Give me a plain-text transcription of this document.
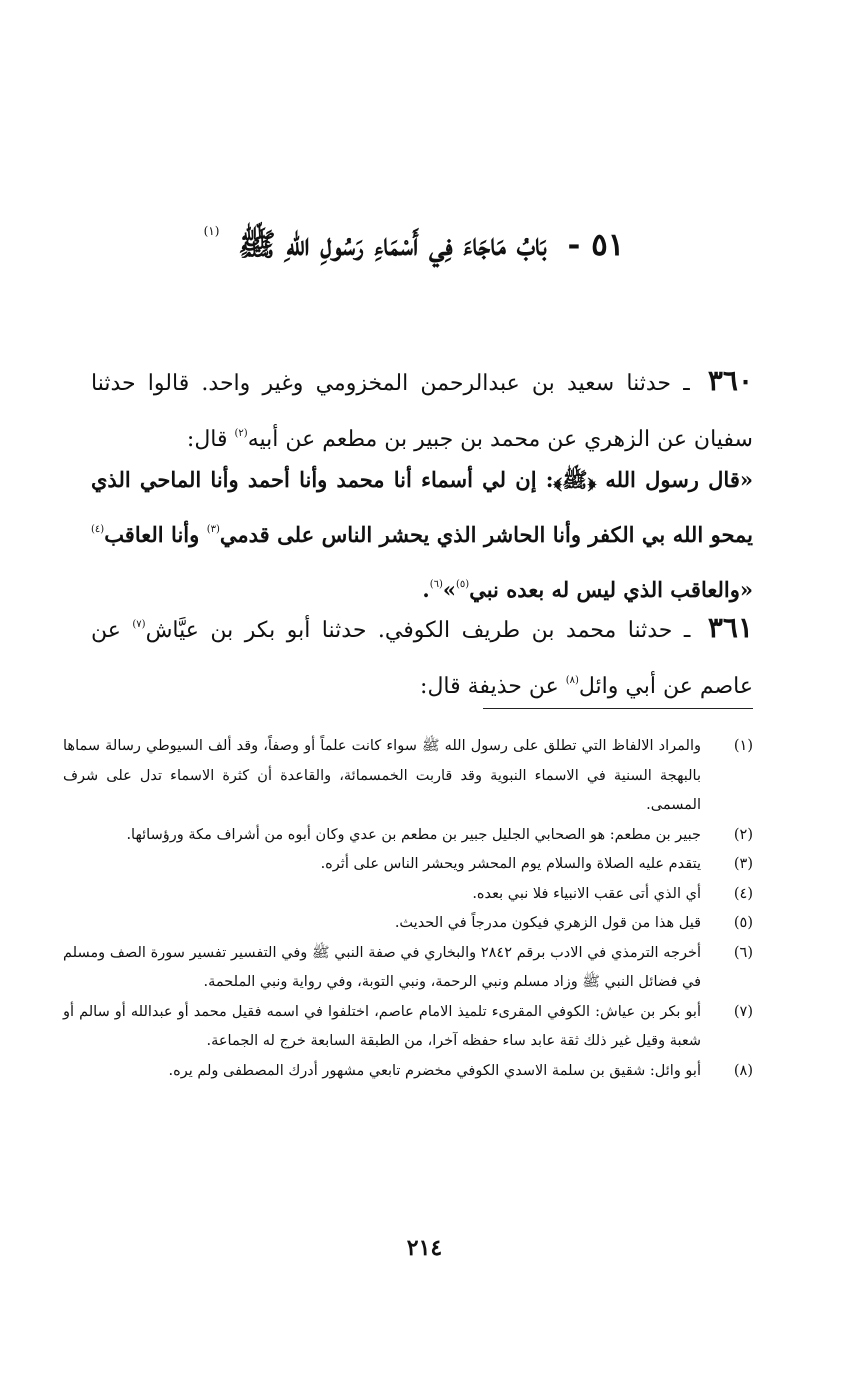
٥١ - بَابُ مَاجَاءَ فِي أَسْمَاءِ رَسُولِ اللهِ ﷺ $^{(١)}$
٣٦٠ ـ حدثنا سعيد بن عبدالرحمن المخزومي وغير واحد. قالوا حدثنا سفيان عن الزهري عن محمد بن جبير بن مطعم عن أبيه$^{(٢)}$ قال:
«قال رسول الله ﴿ﷺ﴾: إن لي أسماء أنا محمد وأنا أحمد وأنا الماحي الذي يمحو الله بي الكفر وأنا الحاشر الذي يحشر الناس على قدمي$^{(٣)}$ وأنا العاقب$^{(٤)}$ «والعاقب الذي ليس له بعده نبي$^{(٥)}$»$^{(٦)}$.
٣٦١ ـ حدثنا محمد بن طريف الكوفي. حدثنا أبو بكر بن عيَّاش$^{(٧)}$ عن عاصم عن أبي وائل$^{(٨)}$ عن حذيفة قال:
(١)
والمراد الالفاظ التي تطلق على رسول الله ﷺ سواء كانت علماً أو وصفاً، وقد ألف السيوطي رسالة سماها بالبهجة السنية في الاسماء النبوية وقد قاربت الخمسمائة، والقاعدة أن كثرة الاسماء تدل على شرف المسمى.
(٢)
جبير بن مطعم: هو الصحابي الجليل جبير بن مطعم بن عدي وكان أبوه من أشراف مكة ورؤسائها.
(٣)
يتقدم عليه الصلاة والسلام يوم المحشر ويحشر الناس على أثره.
(٤)
أي الذي أتى عقب الانبياء فلا نبي بعده.
(٥)
قيل هذا من قول الزهري فيكون مدرجاً في الحديث.
(٦)
أخرجه الترمذي في الادب برقم ٢٨٤٢ والبخاري في صفة النبي ﷺ وفي التفسير تفسير سورة الصف ومسلم في فضائل النبي ﷺ وزاد مسلم ونبي الرحمة، ونبي التوبة، وفي رواية ونبي الملحمة.
(٧)
أبو بكر بن عياش: الكوفي المقرىء تلميذ الامام عاصم، اختلفوا في اسمه فقيل محمد أو عبدالله أو سالم أو شعبة وقيل غير ذلك ثقة عابد ساء حفظه آخرا، من الطبقة السابعة خرج له الجماعة.
(٨)
أبو وائل: شقيق بن سلمة الاسدي الكوفي مخضرم تابعي مشهور أدرك المصطفى ولم يره.
٢١٤
